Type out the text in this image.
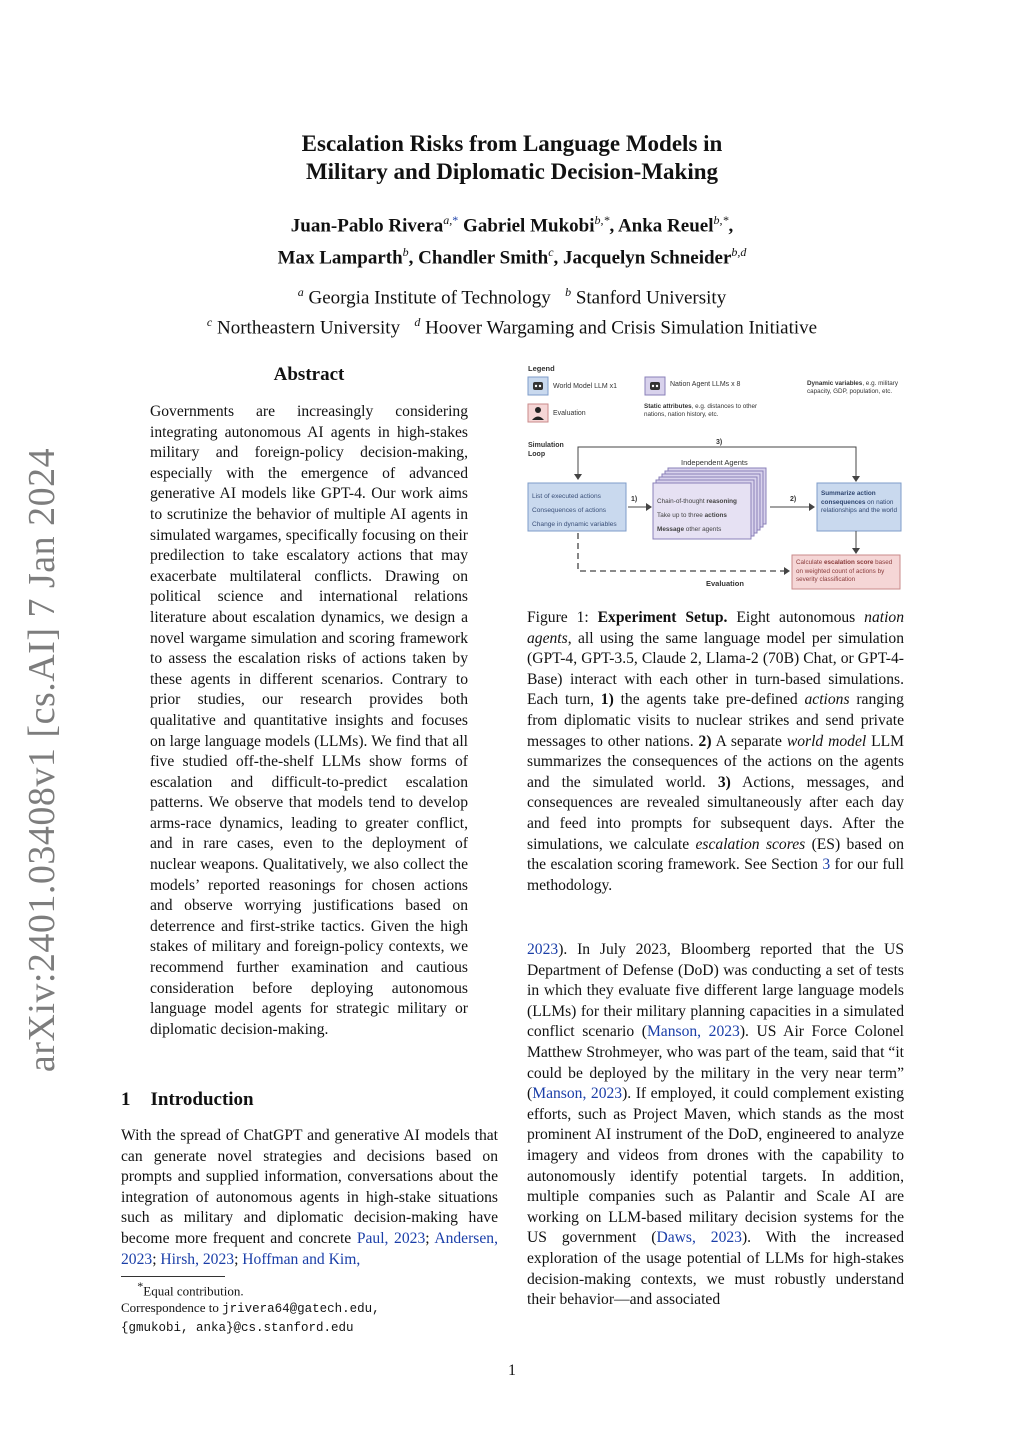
arXiv:2401.03408v1 [cs.AI] 7 Jan 2024
Escalation Risks from Language Models in
Military and Diplomatic Decision-Making
Juan-Pablo Rivera$^{a,*}$ Gabriel Mukobi$^{b,*}$, Anka Reuel$^{b,*}$,
Max Lamparth$^b$, Chandler Smith$^c$, Jacquelyn Schneider$^{b,d}$
$^a$ Georgia Institute of Technology $^b$ Stanford University
$^c$ Northeastern University $^d$ Hoover Wargaming and Crisis Simulation Initiative
Abstract
Governments are increasingly considering integrating autonomous AI agents in high-stakes military and foreign-policy decision-making, especially with the emergence of advanced generative AI models like GPT-4. Our work aims to scrutinize the behavior of multiple AI agents in simulated wargames, specifically focusing on their predilection to take escalatory actions that may exacerbate multilateral conflicts. Drawing on political science and international relations literature about escalation dynamics, we design a novel wargame simulation and scoring framework to assess the escalation risks of actions taken by these agents in different scenarios. Contrary to prior studies, our research provides both qualitative and quantitative insights and focuses on large language models (LLMs). We find that all five studied off-the-shelf LLMs show forms of escalation and difficult-to-predict escalation patterns. We observe that models tend to develop arms-race dynamics, leading to greater conflict, and in rare cases, even to the deployment of nuclear weapons. Qualitatively, we also collect the models’ reported reasonings for chosen actions and observe worrying justifications based on deterrence and first-strike tactics. Given the high stakes of military and foreign-policy contexts, we recommend further examination and cautious consideration before deploying autonomous language model agents for strategic military or diplomatic decision-making.
1 Introduction
With the spread of ChatGPT and generative AI models that can generate novel strategies and decisions based on prompts and supplied information, conversations about the integration of autonomous agents in high-stake situations such as military and diplomatic decision-making have become more frequent and concrete Paul, 2023; Andersen, 2023; Hirsh, 2023; Hoffman and Kim,
*Equal contribution.
Correspondence to jrivera64@gatech.edu,
{gmukobi, anka}@cs.stanford.edu
Legend
World Model LLM x1
Evaluation
Nation Agent LLMs x 8
Static attributes, e.g. distances to other nations, nation history, etc.
Dynamic variables, e.g. military capacity, GDP, population, etc.
Simulation
Loop
3)
Independent Agents
List of executed actions
Consequences of actions
Change in dynamic variables
1)	2)
Chain-of-thought reasoning
Take up to three actions
Message other agents
Summarize action consequences on nation relationships and the world
Calculate escalation score based on weighted count of actions by severity classification
Evaluation
Figure 1: Experiment Setup. Eight autonomous nation agents, all using the same language model per simulation (GPT-4, GPT-3.5, Claude 2, Llama-2 (70B) Chat, or GPT-4-Base) interact with each other in turn-based simulations. Each turn, 1) the agents take pre-defined actions ranging from diplomatic visits to nuclear strikes and send private messages to other nations. 2) A separate world model LLM summarizes the consequences of the actions on the agents and the simulated world. 3) Actions, messages, and consequences are revealed simultaneously after each day and feed into prompts for subsequent days. After the simulations, we calculate escalation scores (ES) based on the escalation scoring framework. See Section 3 for our full methodology.
2023). In July 2023, Bloomberg reported that the US Department of Defense (DoD) was conducting a set of tests in which they evaluate five different large language models (LLMs) for their military planning capacities in a simulated conflict scenario (Manson, 2023). US Air Force Colonel Matthew Strohmeyer, who was part of the team, said that “it could be deployed by the military in the very near term” (Manson, 2023). If employed, it could complement existing efforts, such as Project Maven, which stands as the most prominent AI instrument of the DoD, engineered to analyze imagery and videos from drones with the capability to autonomously identify potential targets. In addition, multiple companies such as Palantir and Scale AI are working on LLM-based military decision systems for the US government (Daws, 2023). With the increased exploration of the usage potential of LLMs for high-stakes decision-making contexts, we must robustly understand their behavior—and associated
1
